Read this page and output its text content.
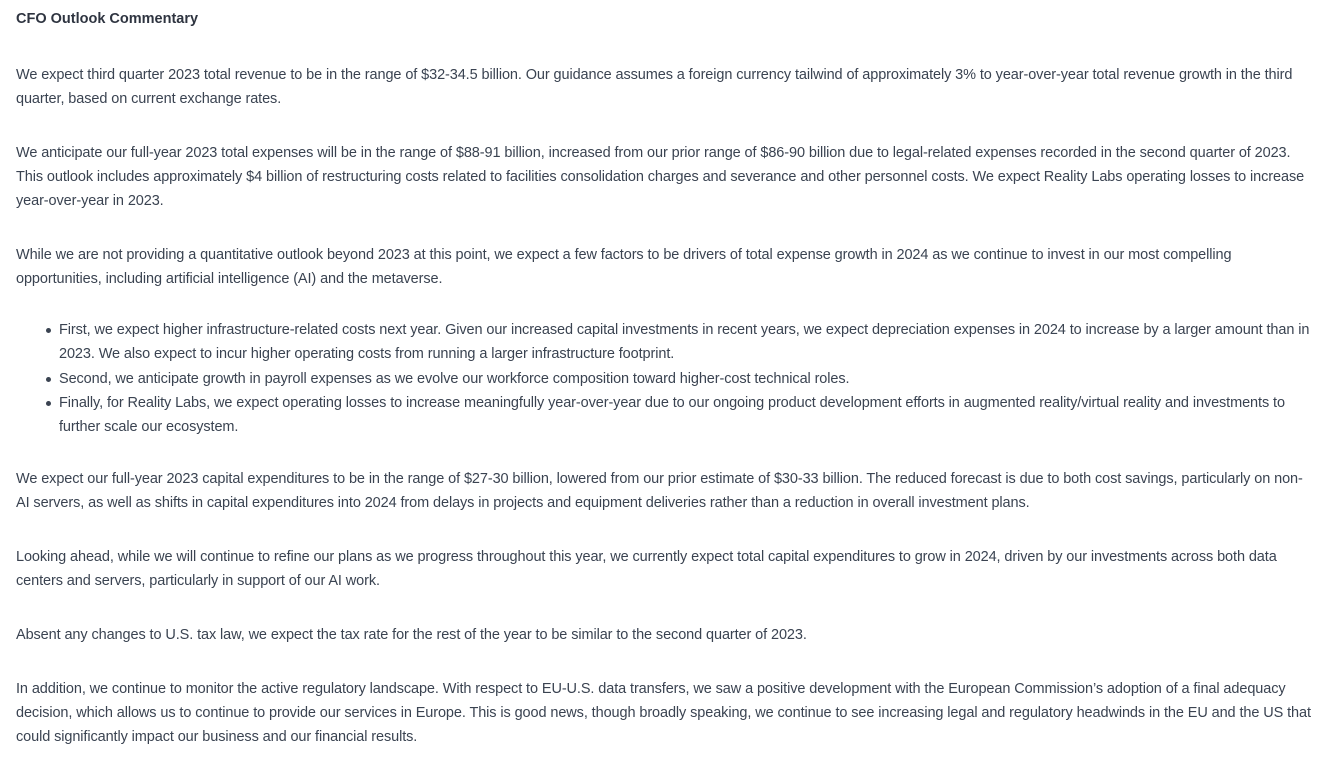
CFO Outlook Commentary

We expect third quarter 2023 total revenue to be in the range of $32-34.5 billion. Our guidance assumes a foreign currency tailwind of approximately 3% to year-over-year total revenue growth in the third quarter, based on current exchange rates.

We anticipate our full-year 2023 total expenses will be in the range of $88-91 billion, increased from our prior range of $86-90 billion due to legal-related expenses recorded in the second quarter of 2023. This outlook includes approximately $4 billion of restructuring costs related to facilities consolidation charges and severance and other personnel costs. We expect Reality Labs operating losses to increase year-over-year in 2023.

While we are not providing a quantitative outlook beyond 2023 at this point, we expect a few factors to be drivers of total expense growth in 2024 as we continue to invest in our most compelling opportunities, including artificial intelligence (AI) and the metaverse.

First, we expect higher infrastructure-related costs next year. Given our increased capital investments in recent years, we expect depreciation expenses in 2024 to increase by a larger amount than in 2023. We also expect to incur higher operating costs from running a larger infrastructure footprint.
Second, we anticipate growth in payroll expenses as we evolve our workforce composition toward higher-cost technical roles.
Finally, for Reality Labs, we expect operating losses to increase meaningfully year-over-year due to our ongoing product development efforts in augmented reality/virtual reality and investments to further scale our ecosystem.

We expect our full-year 2023 capital expenditures to be in the range of $27-30 billion, lowered from our prior estimate of $30-33 billion. The reduced forecast is due to both cost savings, particularly on non-AI servers, as well as shifts in capital expenditures into 2024 from delays in projects and equipment deliveries rather than a reduction in overall investment plans.

Looking ahead, while we will continue to refine our plans as we progress throughout this year, we currently expect total capital expenditures to grow in 2024, driven by our investments across both data centers and servers, particularly in support of our AI work.

Absent any changes to U.S. tax law, we expect the tax rate for the rest of the year to be similar to the second quarter of 2023.

In addition, we continue to monitor the active regulatory landscape. With respect to EU-U.S. data transfers, we saw a positive development with the European Commission’s adoption of a final adequacy decision, which allows us to continue to provide our services in Europe. This is good news, though broadly speaking, we continue to see increasing legal and regulatory headwinds in the EU and the US that could significantly impact our business and our financial results.
